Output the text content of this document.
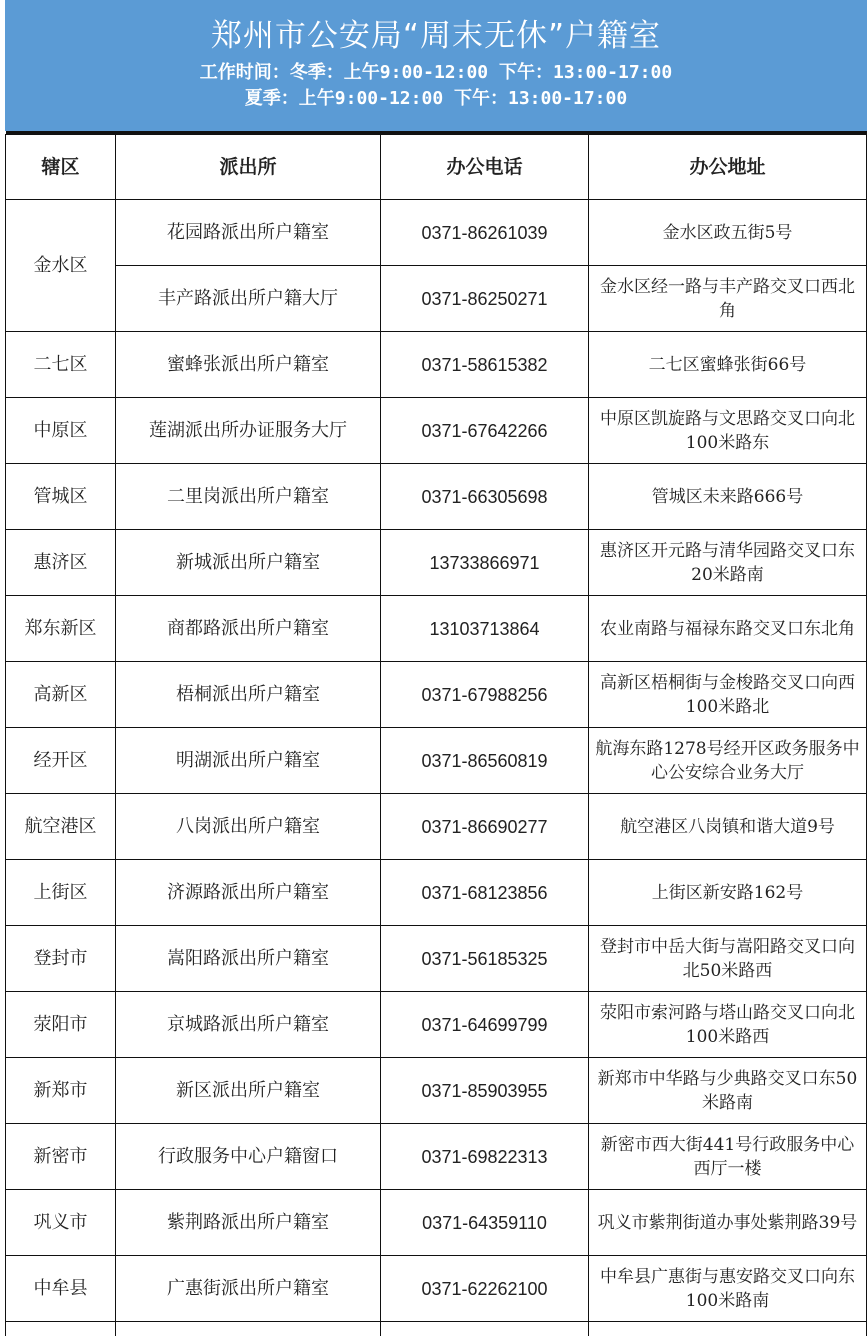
郑州市公安局“周末无休”户籍室
工作时间：冬季：上午9:00-12:00 下午：13:00-17:00
夏季：上午9:00-12:00 下午：13:00-17:00

辖区	派出所	办公电话	办公地址
金水区	花园路派出所户籍室	0371-86261039	金水区政五街5号
	丰产路派出所户籍大厅	0371-86250271	金水区经一路与丰产路交叉口西北角
二七区	蜜蜂张派出所户籍室	0371-58615382	二七区蜜蜂张街66号
中原区	莲湖派出所办证服务大厅	0371-67642266	中原区凯旋路与文思路交叉口向北100米路东
管城区	二里岗派出所户籍室	0371-66305698	管城区未来路666号
惠济区	新城派出所户籍室	13733866971	惠济区开元路与清华园路交叉口东20米路南
郑东新区	商都路派出所户籍室	13103713864	农业南路与福禄东路交叉口东北角
高新区	梧桐派出所户籍室	0371-67988256	高新区梧桐街与金梭路交叉口向西100米路北
经开区	明湖派出所户籍室	0371-86560819	航海东路1278号经开区政务服务中心公安综合业务大厅
航空港区	八岗派出所户籍室	0371-86690277	航空港区八岗镇和谐大道9号
上街区	济源路派出所户籍室	0371-68123856	上街区新安路162号
登封市	嵩阳路派出所户籍室	0371-56185325	登封市中岳大街与嵩阳路交叉口向北50米路西
荥阳市	京城路派出所户籍室	0371-64699799	荥阳市索河路与塔山路交叉口向北100米路西
新郑市	新区派出所户籍室	0371-85903955	新郑市中华路与少典路交叉口东50米路南
新密市	行政服务中心户籍窗口	0371-69822313	新密市西大街441号行政服务中心西厅一楼
巩义市	紫荆路派出所户籍室	0371-64359110	巩义市紫荆街道办事处紫荆路39号
中牟县	广惠街派出所户籍室	0371-62262100	中牟县广惠街与惠安路交叉口向东100米路南
